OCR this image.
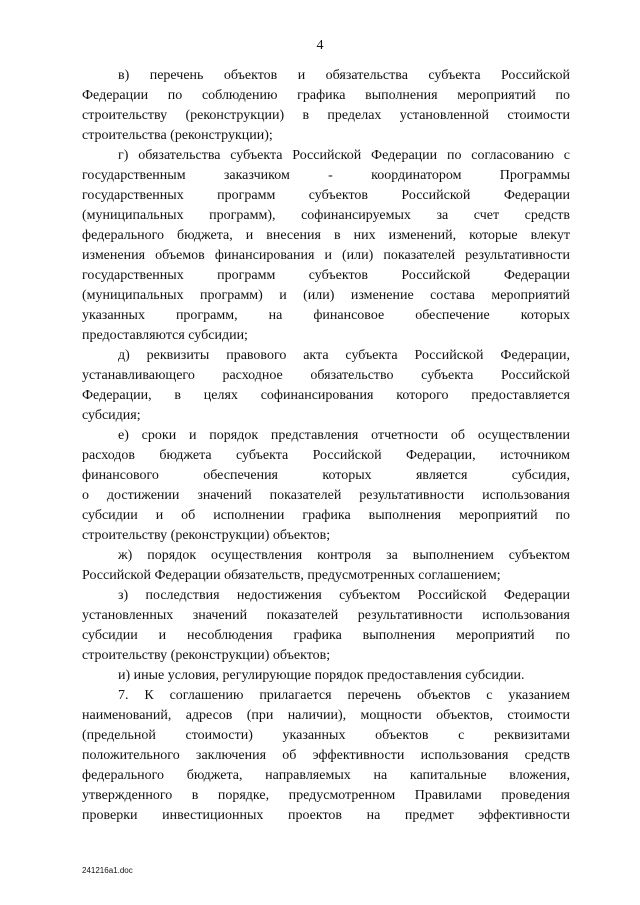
4

в) перечень объектов и обязательства субъекта Российской
Федерации по соблюдению графика выполнения мероприятий по
строительству (реконструкции) в пределах установленной стоимости
строительства (реконструкции);

г) обязательства субъекта Российской Федерации по согласованию с
государственным заказчиком - координатором Программы
государственных программ субъектов Российской Федерации
(муниципальных программ), софинансируемых за счет средств
федерального бюджета, и внесения в них изменений, которые влекут
изменения объемов финансирования и (или) показателей результативности
государственных программ субъектов Российской Федерации
(муниципальных программ) и (или) изменение состава мероприятий
указанных программ, на финансовое обеспечение которых
предоставляются субсидии;

д) реквизиты правового акта субъекта Российской Федерации,
устанавливающего расходное обязательство субъекта Российской
Федерации, в целях софинансирования которого предоставляется
субсидия;

е) сроки и порядок представления отчетности об осуществлении
расходов бюджета субъекта Российской Федерации, источником
финансового обеспечения которых является субсидия,
о достижении значений показателей результативности использования
субсидии и об исполнении графика выполнения мероприятий по
строительству (реконструкции) объектов;

ж) порядок осуществления контроля за выполнением субъектом
Российской Федерации обязательств, предусмотренных соглашением;

з) последствия недостижения субъектом Российской Федерации
установленных значений показателей результативности использования
субсидии и несоблюдения графика выполнения мероприятий по
строительству (реконструкции) объектов;

и) иные условия, регулирующие порядок предоставления субсидии.

7. К соглашению прилагается перечень объектов с указанием
наименований, адресов (при наличии), мощности объектов, стоимости
(предельной стоимости) указанных объектов с реквизитами
положительного заключения об эффективности использования средств
федерального бюджета, направляемых на капитальные вложения,
утвержденного в порядке, предусмотренном Правилами проведения
проверки инвестиционных проектов на предмет эффективности

241216a1.doc
